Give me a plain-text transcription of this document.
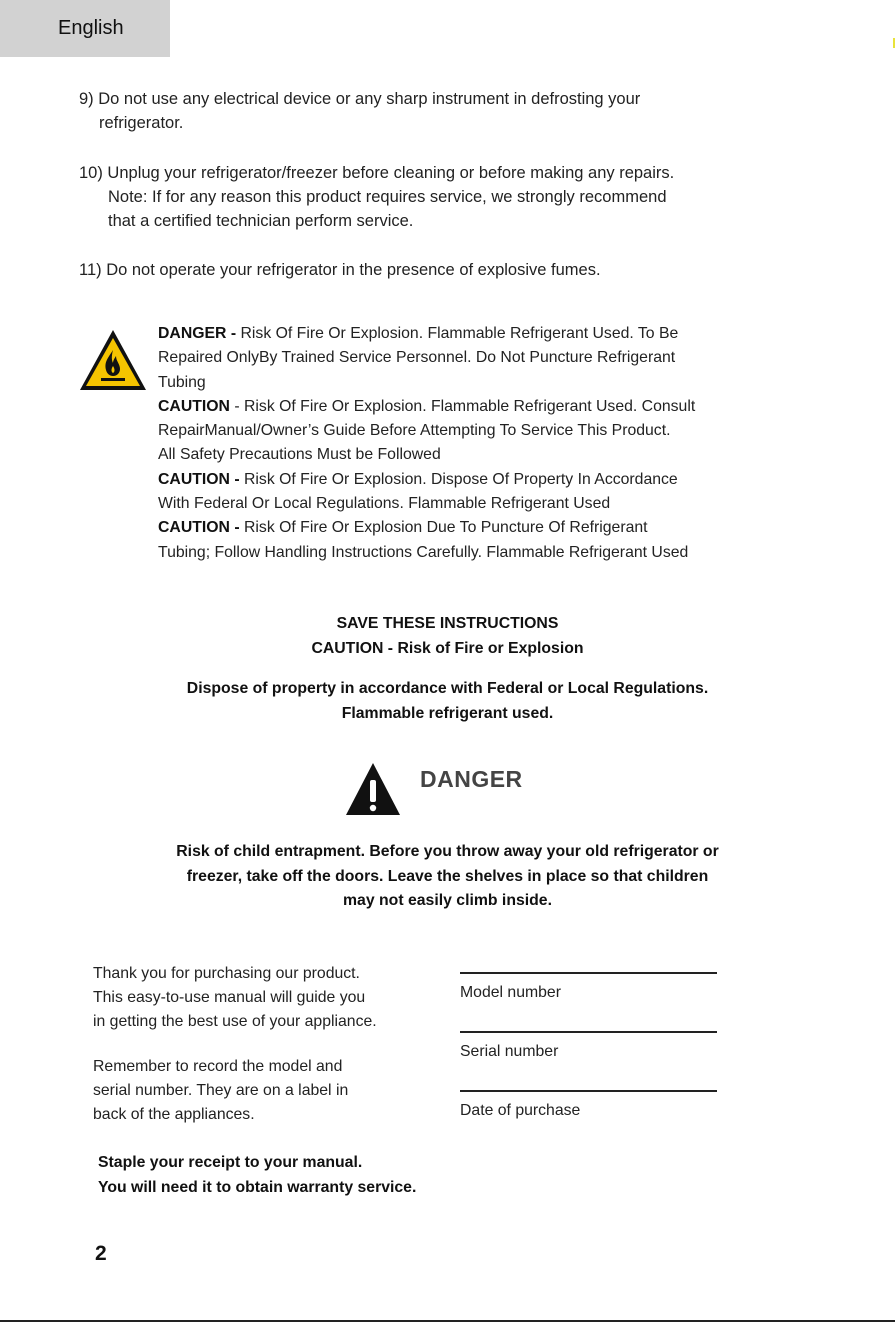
English
9) Do not use any electrical device or any sharp instrument in defrosting your
refrigerator.
10) Unplug your refrigerator/freezer before cleaning or before making any repairs.
Note: If for any reason this product requires service, we strongly recommend
that a certified technician perform service.
11) Do not operate your refrigerator in the presence of explosive fumes.
DANGER - Risk Of Fire Or Explosion. Flammable Refrigerant Used. To Be
Repaired OnlyBy Trained Service Personnel. Do Not Puncture Refrigerant
Tubing
CAUTION - Risk Of Fire Or Explosion. Flammable Refrigerant Used. Consult
RepairManual/Owner’s Guide Before Attempting To Service This Product.
All Safety Precautions Must be Followed
CAUTION - Risk Of Fire Or Explosion. Dispose Of Property In Accordance
With Federal Or Local Regulations. Flammable Refrigerant Used
CAUTION - Risk Of Fire Or Explosion Due To Puncture Of Refrigerant
Tubing; Follow Handling Instructions Carefully. Flammable Refrigerant Used
SAVE THESE INSTRUCTIONS
CAUTION - Risk of Fire or Explosion
Dispose of property in accordance with Federal or Local Regulations.
Flammable refrigerant used.
DANGER
Risk of child entrapment. Before you throw away your old refrigerator or
freezer, take off the doors. Leave the shelves in place so that children
may not easily climb inside.
Thank you for purchasing our product.
This easy-to-use manual will guide you
in getting the best use of your appliance.
Remember to record the model and
serial number. They are on a label in
back of the appliances.
Model number
Serial number
Date of purchase
Staple your receipt to your manual.
You will need it to obtain warranty service.
2
